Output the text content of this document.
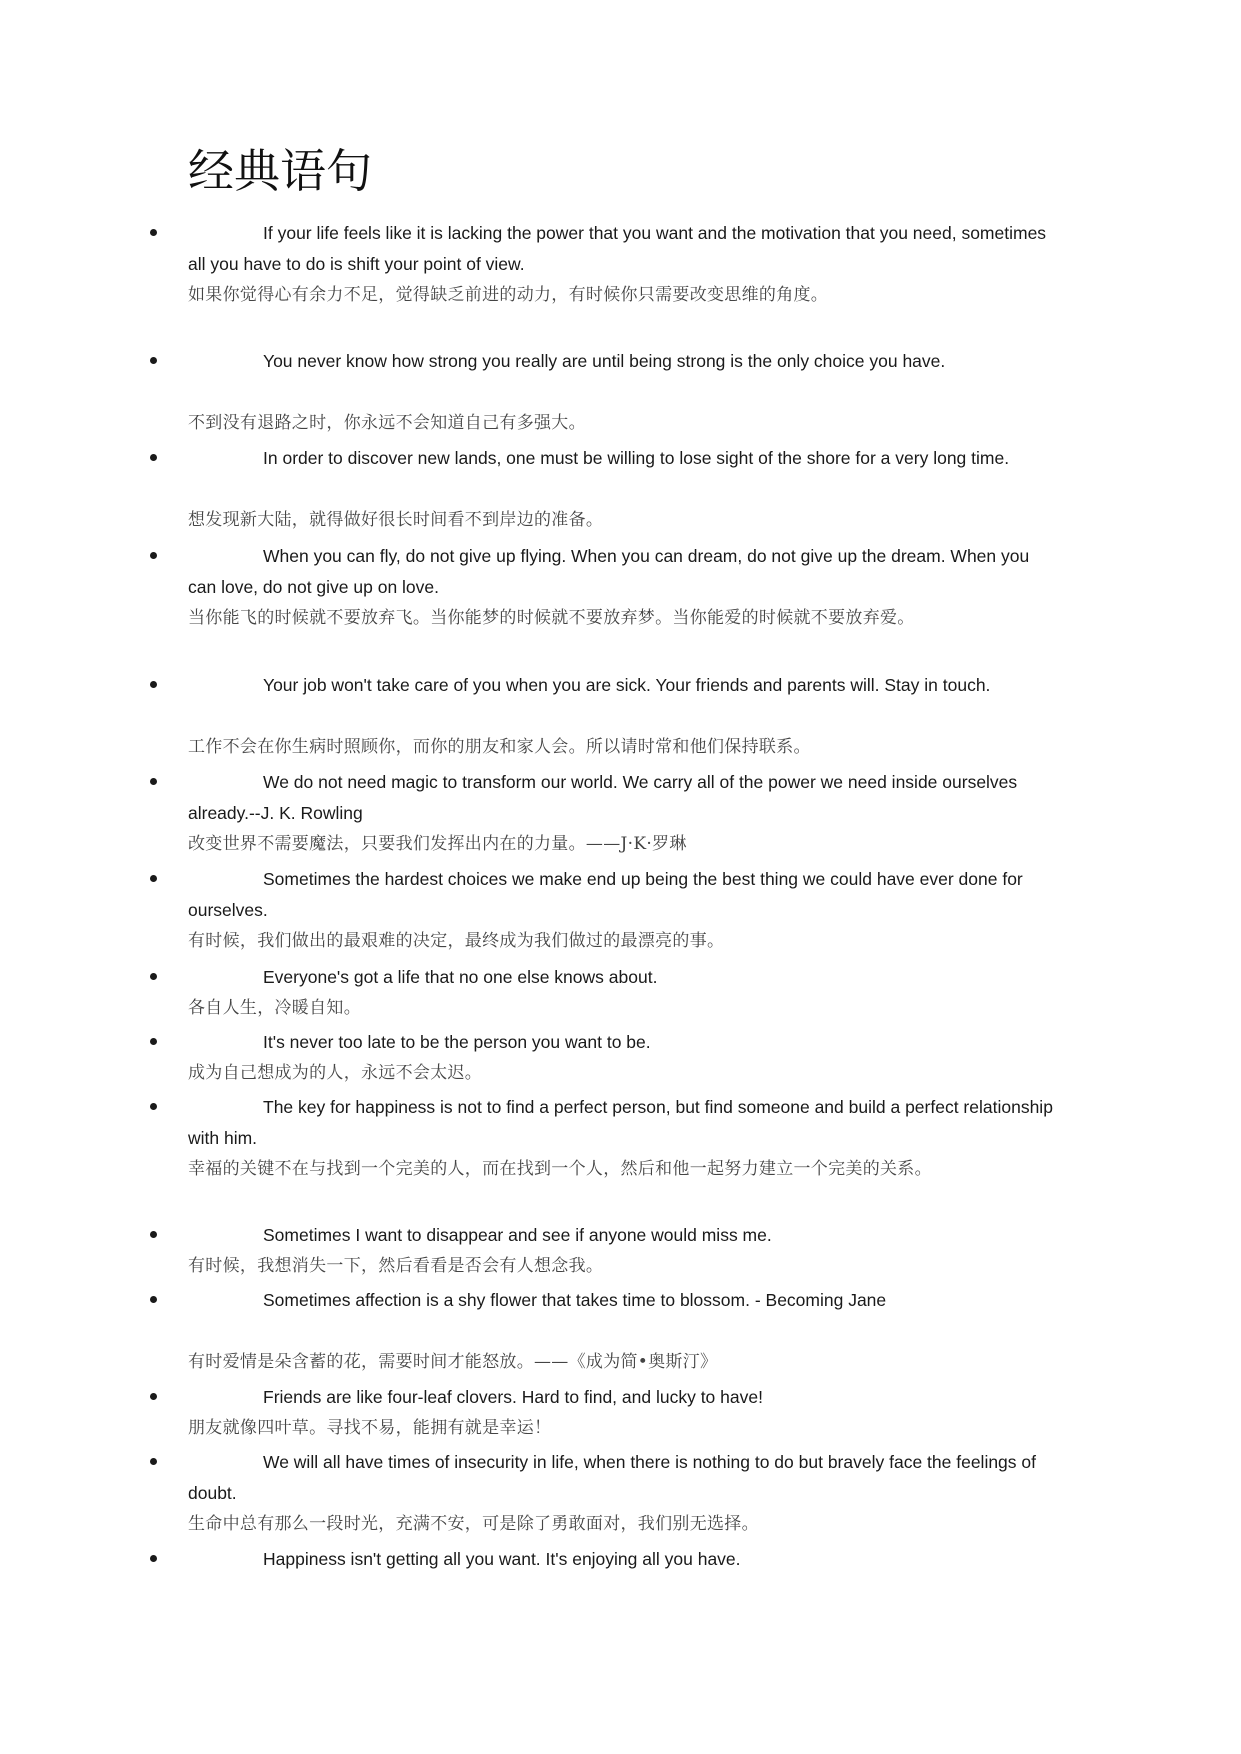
经典语句

If your life feels like it is lacking the power that you want and the motivation that you need, sometimes all you have to do is shift your point of view.

如果你觉得心有余力不足，觉得缺乏前进的动力，有时候你只需要改变思维的角度。

You never know how strong you really are until being strong is the only choice you have.

不到没有退路之时，你永远不会知道自己有多强大。

In order to discover new lands, one must be willing to lose sight of the shore for a very long time.

想发现新大陆，就得做好很长时间看不到岸边的准备。

When you can fly, do not give up flying. When you can dream, do not give up the dream. When you can love, do not give up on love.

当你能飞的时候就不要放弃飞。当你能梦的时候就不要放弃梦。当你能爱的时候就不要放弃爱。

Your job won't take care of you when you are sick. Your friends and parents will. Stay in touch.

工作不会在你生病时照顾你，而你的朋友和家人会。所以请时常和他们保持联系。

We do not need magic to transform our world. We carry all of the power we need inside ourselves already.--J. K. Rowling

改变世界不需要魔法，只要我们发挥出内在的力量。——J·K·罗琳

Sometimes the hardest choices we make end up being the best thing we could have ever done for ourselves.

有时候，我们做出的最艰难的决定，最终成为我们做过的最漂亮的事。

Everyone's got a life that no one else knows about.

各自人生，冷暖自知。

It's never too late to be the person you want to be.

成为自己想成为的人，永远不会太迟。

The key for happiness is not to find a perfect person, but find someone and build a perfect relationship with him.

幸福的关键不在与找到一个完美的人，而在找到一个人，然后和他一起努力建立一个完美的关系。

Sometimes I want to disappear and see if anyone would miss me.

有时候，我想消失一下，然后看看是否会有人想念我。

Sometimes affection is a shy flower that takes time to blossom. - Becoming Jane

有时爱情是朵含蓄的花，需要时间才能怒放。——《成为简•奥斯汀》

Friends are like four-leaf clovers. Hard to find, and lucky to have!

朋友就像四叶草。寻找不易，能拥有就是幸运！

We will all have times of insecurity in life, when there is nothing to do but bravely face the feelings of doubt.

生命中总有那么一段时光，充满不安，可是除了勇敢面对，我们别无选择。

Happiness isn't getting all you want. It's enjoying all you have.
